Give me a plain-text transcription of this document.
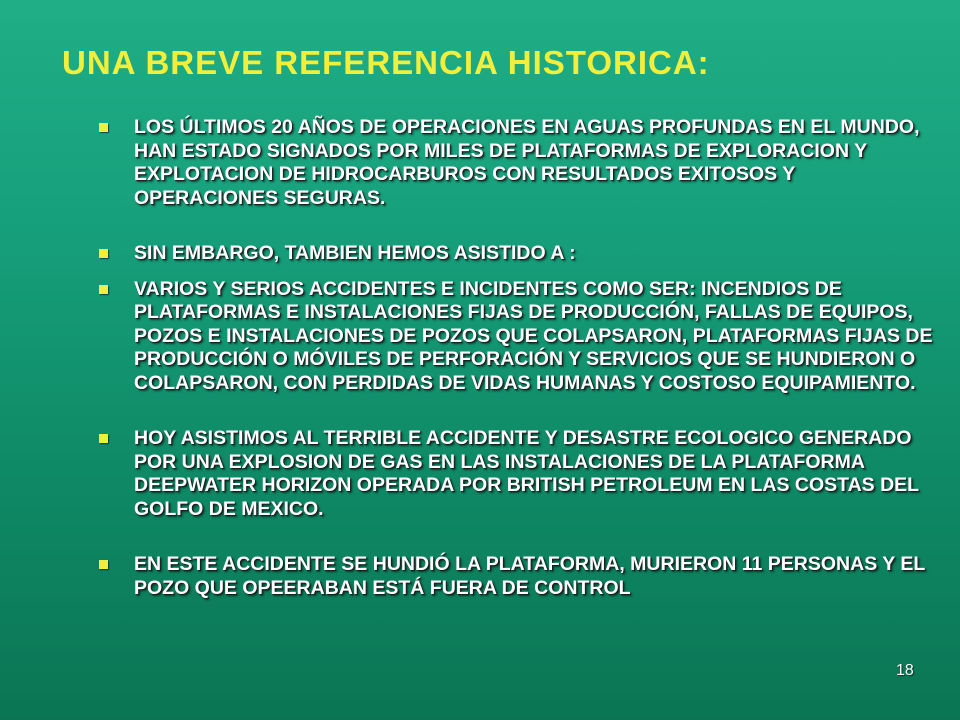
UNA BREVE REFERENCIA HISTORICA:
LOS ÚLTIMOS 20 AÑOS DE OPERACIONES EN AGUAS PROFUNDAS EN EL MUNDO, HAN ESTADO SIGNADOS POR MILES DE PLATAFORMAS DE EXPLORACION Y EXPLOTACION DE HIDROCARBUROS CON RESULTADOS EXITOSOS Y OPERACIONES SEGURAS.
SIN EMBARGO, TAMBIEN HEMOS ASISTIDO A :
VARIOS Y SERIOS ACCIDENTES E INCIDENTES COMO SER: INCENDIOS DE PLATAFORMAS E INSTALACIONES FIJAS DE PRODUCCIÓN, FALLAS DE EQUIPOS, POZOS E INSTALACIONES DE POZOS QUE COLAPSARON, PLATAFORMAS FIJAS DE PRODUCCIÓN O MÓVILES DE PERFORACIÓN Y SERVICIOS QUE SE HUNDIERON O COLAPSARON, CON PERDIDAS DE VIDAS HUMANAS Y COSTOSO EQUIPAMIENTO.
HOY ASISTIMOS AL TERRIBLE ACCIDENTE Y DESASTRE ECOLOGICO GENERADO POR UNA EXPLOSION DE GAS EN LAS INSTALACIONES DE LA PLATAFORMA DEEPWATER HORIZON OPERADA POR BRITISH PETROLEUM EN LAS COSTAS DEL GOLFO DE MEXICO.
EN ESTE ACCIDENTE SE HUNDIÓ LA PLATAFORMA, MURIERON 11 PERSONAS Y EL POZO QUE OPEERABAN ESTÁ FUERA DE CONTROL
18
